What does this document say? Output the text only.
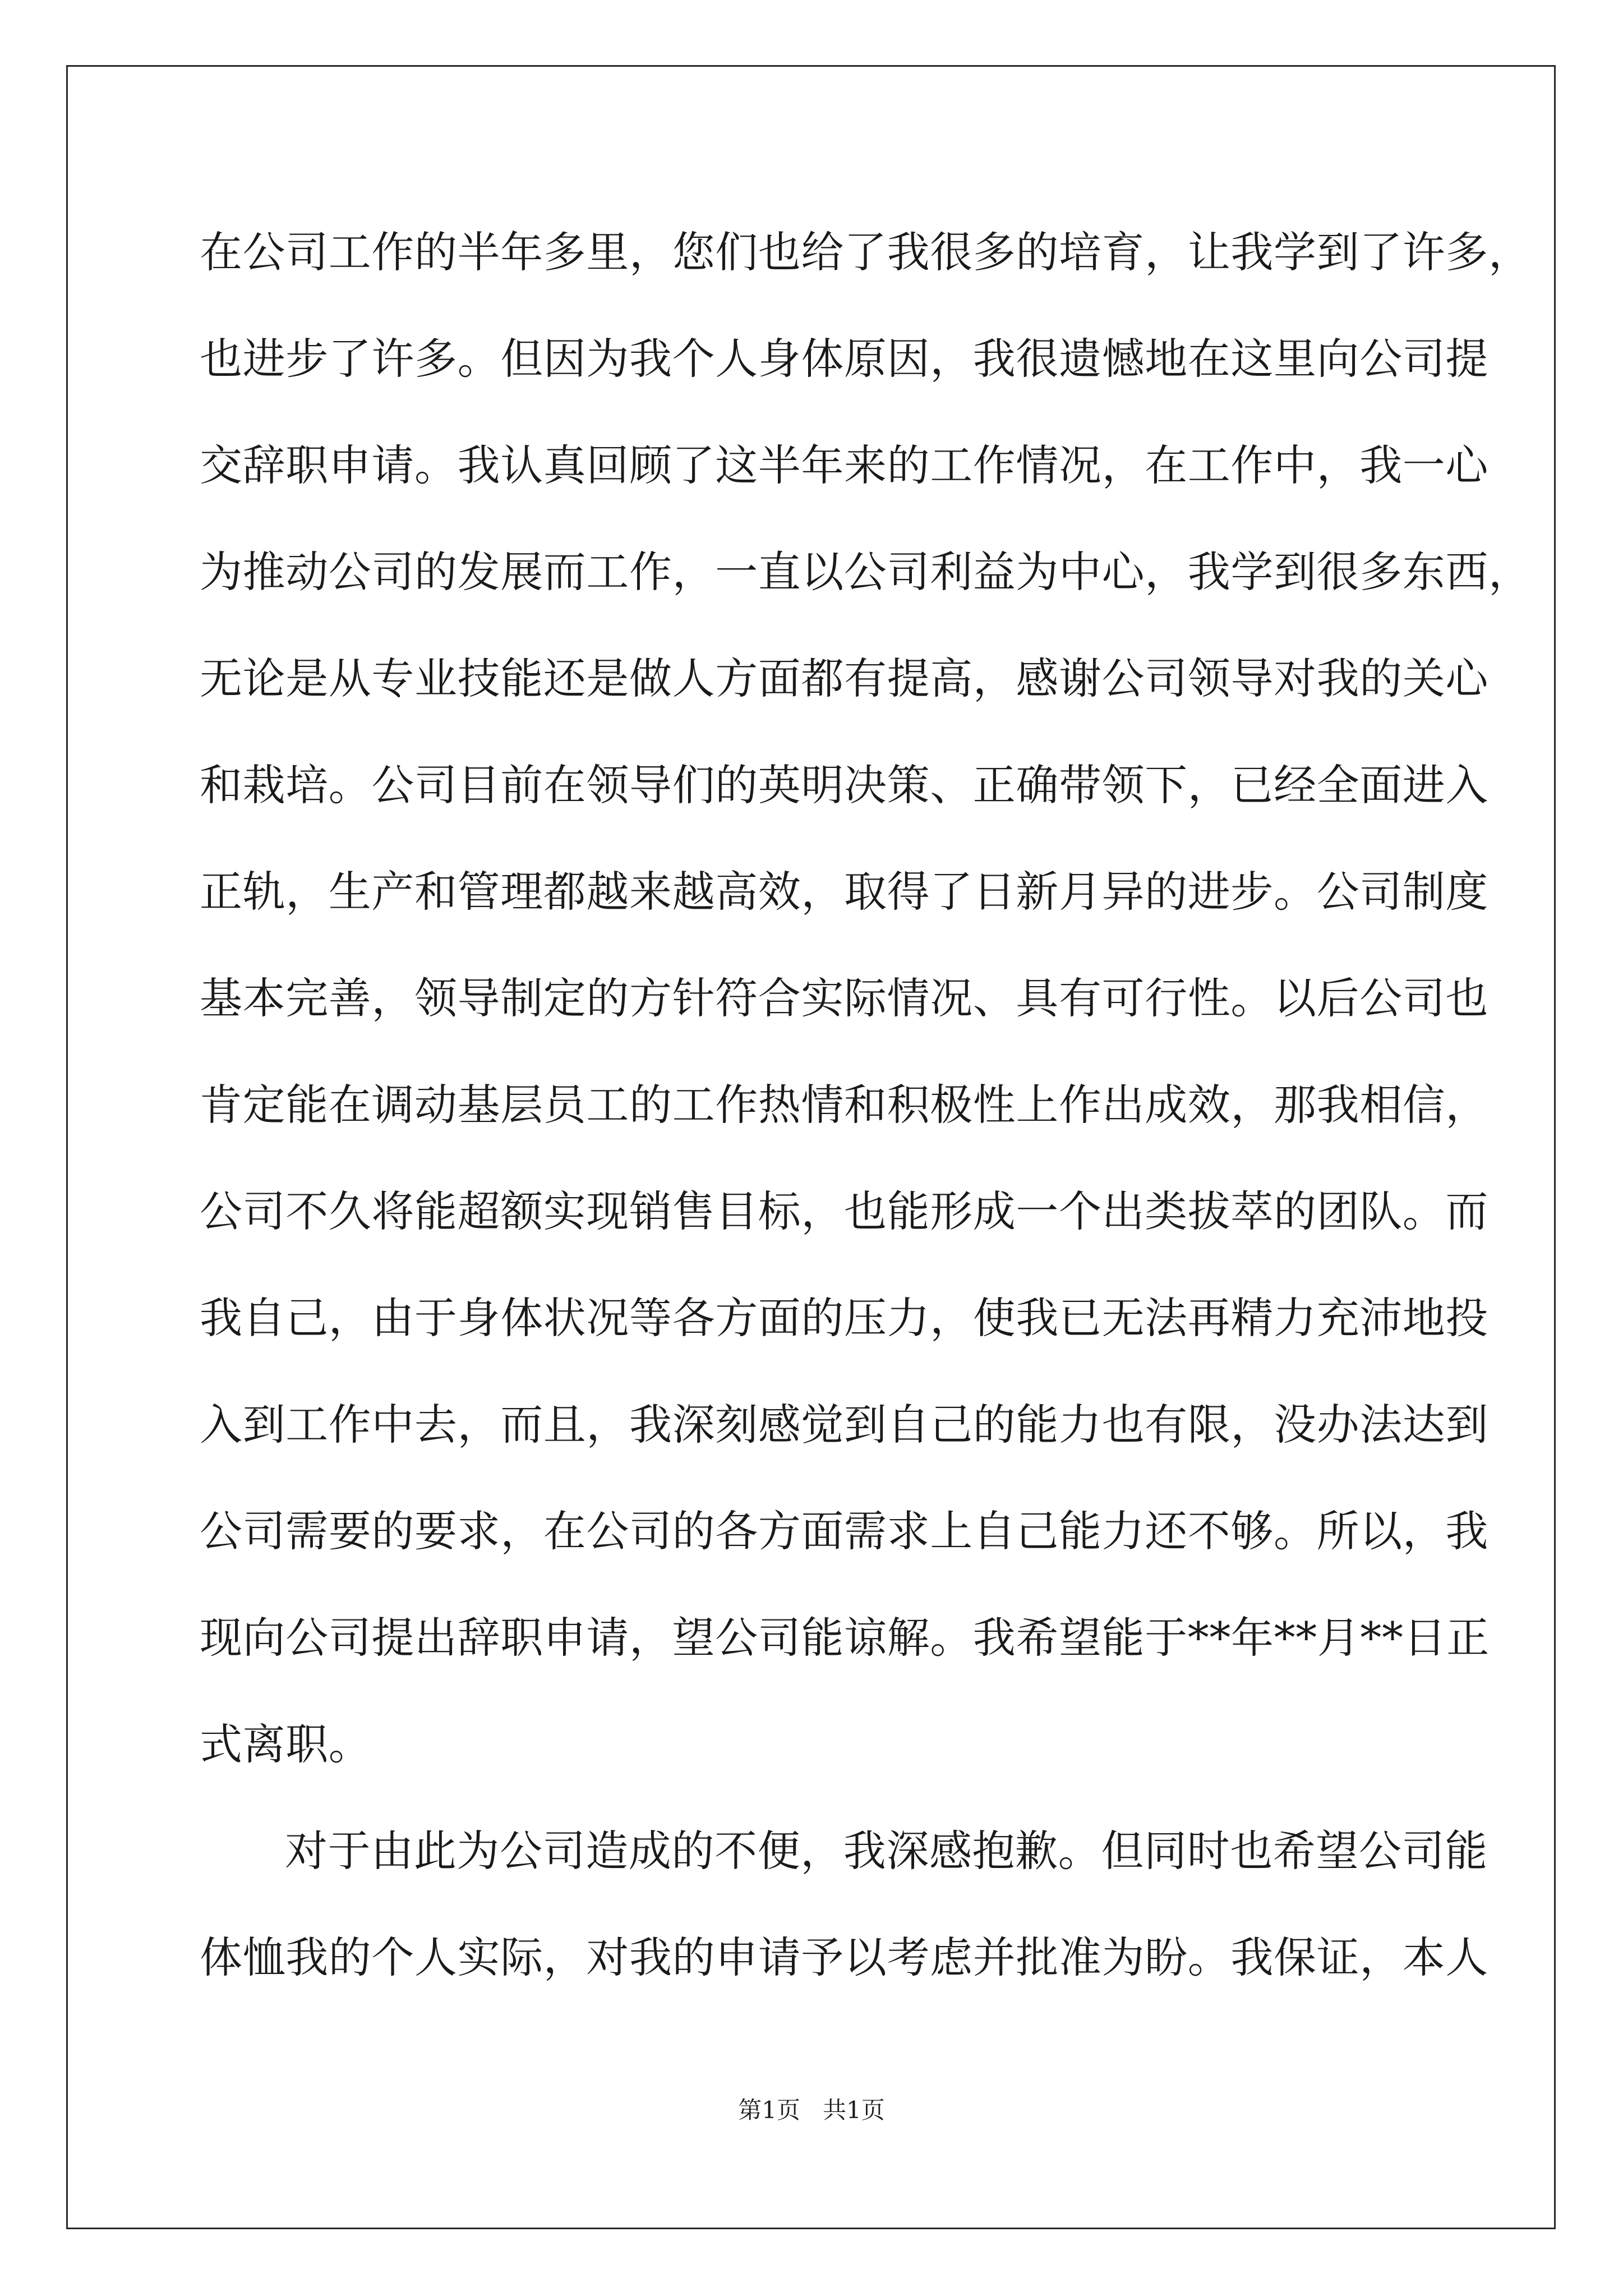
在公司工作的半年多里，您们也给了我很多的培育，让我学到了许多，
也进步了许多。但因为我个人身体原因，我很遗憾地在这里向公司提
交辞职申请。我认真回顾了这半年来的工作情况，在工作中，我一心
为推动公司的发展而工作，一直以公司利益为中心，我学到很多东西，
无论是从专业技能还是做人方面都有提高，感谢公司领导对我的关心
和栽培。公司目前在领导们的英明决策、正确带领下，已经全面进入
正轨，生产和管理都越来越高效，取得了日新月异的进步。公司制度
基本完善，领导制定的方针符合实际情况、具有可行性。以后公司也
肯定能在调动基层员工的工作热情和积极性上作出成效，那我相信，
公司不久将能超额实现销售目标，也能形成一个出类拔萃的团队。而
我自己，由于身体状况等各方面的压力，使我已无法再精力充沛地投
入到工作中去，而且，我深刻感觉到自己的能力也有限，没办法达到
公司需要的要求，在公司的各方面需求上自己能力还不够。所以，我
现向公司提出辞职申请，望公司能谅解。我希望能于**年**月**日正
式离职。
对于由此为公司造成的不便，我深感抱歉。但同时也希望公司能
体恤我的个人实际，对我的申请予以考虑并批准为盼。我保证，本人
第1页   共1页
